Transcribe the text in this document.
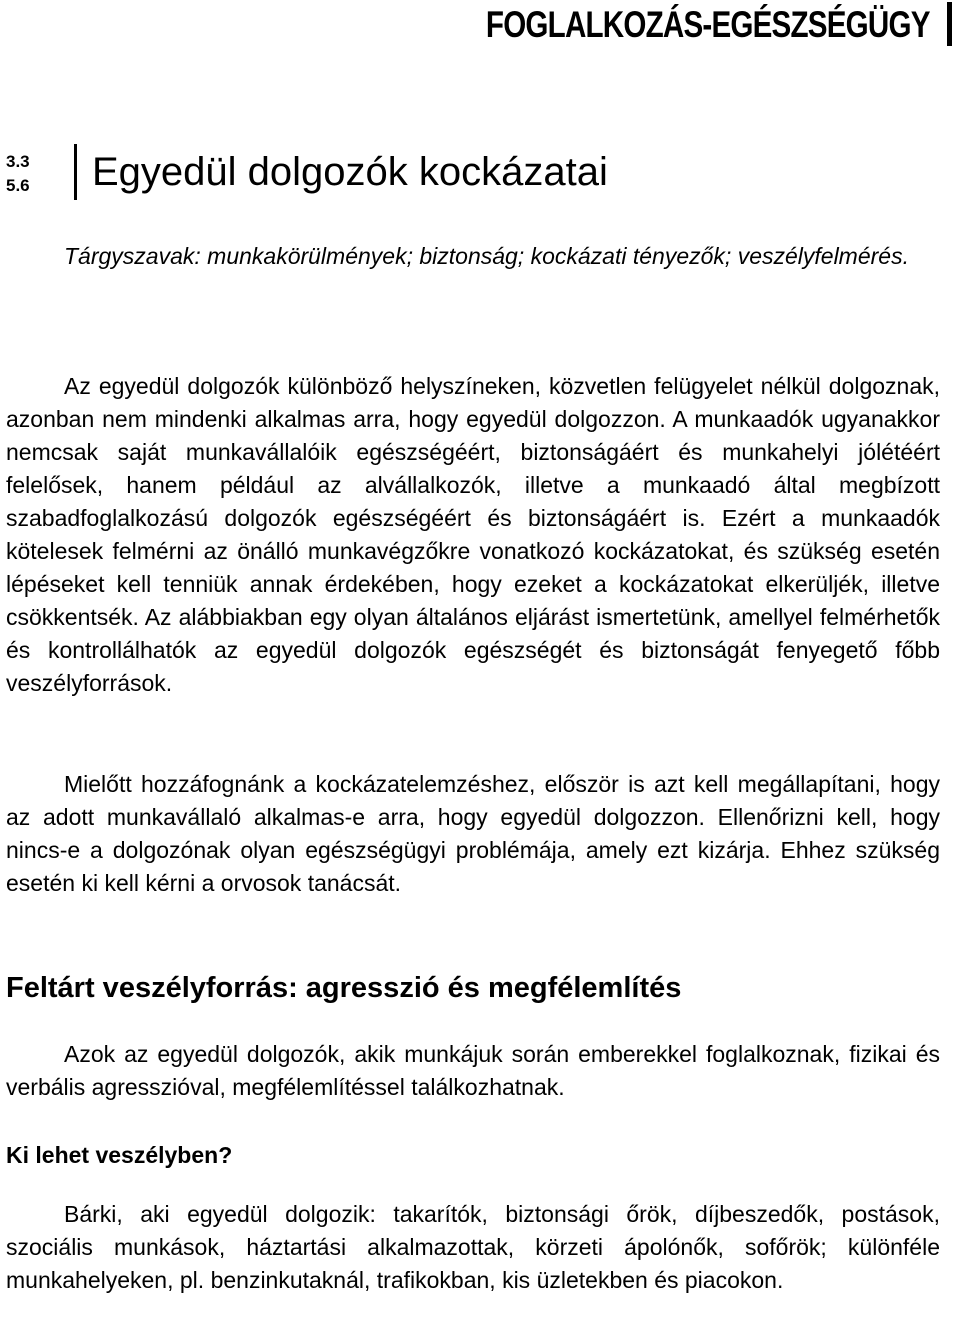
FOGLALKOZÁS-EGÉSZSÉGÜGY
3.3
5.6 Egyedül dolgozók kockázatai

Tárgyszavak: munkakörülmények; biztonság; kockázati tényezők; veszélyfelmérés.

Az egyedül dolgozók különböző helyszíneken, közvetlen felügyelet nélkül dolgoznak, azonban nem mindenki alkalmas arra, hogy egyedül dolgozzon. A munkaadók ugyanakkor nemcsak saját munkavállalóik egészségéért, biztonságáért és munkahelyi jólétéért felelősek, hanem például az alvállalkozók, illetve a munkaadó által megbízott szabadfoglalkozású dolgozók egészségéért és biztonságáért is. Ezért a munkaadók kötelesek felmérni az önálló munkavégzőkre vonatkozó kockázatokat, és szükség esetén lépéseket kell tenniük annak érdekében, hogy ezeket a kockázatokat elkerüljék, illetve csökkentsék. Az alábbiakban egy olyan általános eljárást ismertetünk, amellyel felmérhetők és kontrollálhatók az egyedül dolgozók egészségét és biztonságát fenyegető főbb veszélyforrások.

Mielőtt hozzáfognánk a kockázatelemzéshez, először is azt kell megállapítani, hogy az adott munkavállaló alkalmas-e arra, hogy egyedül dolgozzon. Ellenőrizni kell, hogy nincs-e a dolgozónak olyan egészségügyi problémája, amely ezt kizárja. Ehhez szükség esetén ki kell kérni a orvosok tanácsát.

Feltárt veszélyforrás: agresszió és megfélemlítés

Azok az egyedül dolgozók, akik munkájuk során emberekkel foglalkoznak, fizikai és verbális agresszióval, megfélemlítéssel találkozhatnak.

Ki lehet veszélyben?

Bárki, aki egyedül dolgozik: takarítók, biztonsági őrök, díjbeszedők, postások, szociális munkások, háztartási alkalmazottak, körzeti ápolónők, sofőrök; különféle munkahelyeken, pl. benzinkutaknál, trafikokban, kis üzletekben és piacokon.
